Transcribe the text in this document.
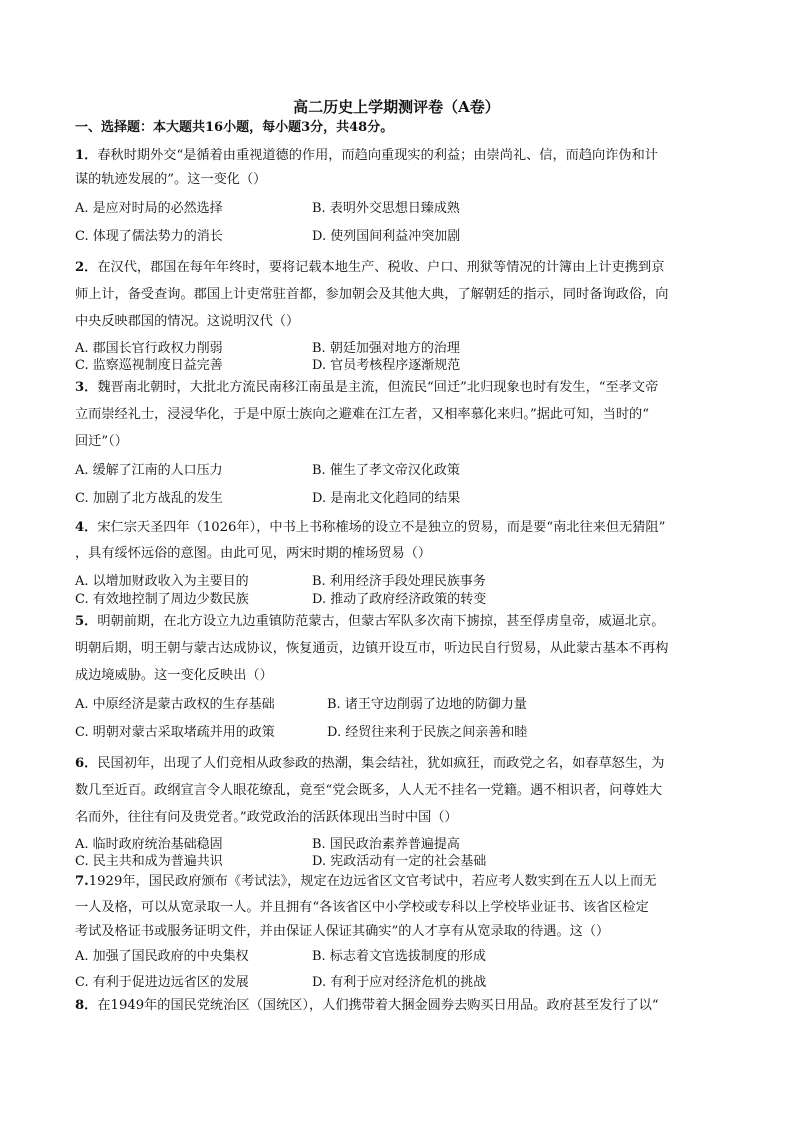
高二历史上学期测评卷（A卷）
一、选择题：本大题共16小题，每小题3分，共48分。
1．春秋时期外交“是循着由重视道德的作用，而趋向重现实的利益；由崇尚礼、信，而趋向诈伪和计
谋的轨迹发展的”。这一变化（）
A. 是应对时局的必然选择	B. 表明外交思想日臻成熟
C. 体现了儒法势力的消长	D. 使列国间利益冲突加剧
2．在汉代，郡国在每年年终时，要将记载本地生产、税收、户口、刑狱等情况的计簿由上计吏携到京
师上计，备受查询。郡国上计吏常驻首都，参加朝会及其他大典，了解朝廷的指示，同时备询政俗，向
中央反映郡国的情况。这说明汉代（）
A. 郡国长官行政权力削弱	B. 朝廷加强对地方的治理
C. 监察巡视制度日益完善	D. 官员考核程序逐渐规范
3．魏晋南北朝时，大批北方流民南移江南虽是主流，但流民“回迁”北归现象也时有发生，“至孝文帝
立而崇经礼士，浸浸华化，于是中原士族向之避难在江左者，又相率慕化来归。”据此可知，当时的“
回迁”（）
A. 缓解了江南的人口压力	B. 催生了孝文帝汉化政策
C. 加剧了北方战乱的发生	D. 是南北文化趋同的结果
4．宋仁宗天圣四年（1026年），中书上书称榷场的设立不是独立的贸易，而是要“南北往来但无猜阻”
，具有绥怀远俗的意图。由此可见，两宋时期的榷场贸易（）
A. 以增加财政收入为主要目的	B. 利用经济手段处理民族事务
C. 有效地控制了周边少数民族	D. 推动了政府经济政策的转变
5．明朝前期，在北方设立九边重镇防范蒙古，但蒙古军队多次南下掳掠，甚至俘虏皇帝，威逼北京。
明朝后期，明王朝与蒙古达成协议，恢复通贡，边镇开设互市，听边民自行贸易，从此蒙古基本不再构
成边境威胁。这一变化反映出（）
A. 中原经济是蒙古政权的生存基础	B. 诸王守边削弱了边地的防御力量
C. 明朝对蒙古采取堵疏并用的政策	D. 经贸往来利于民族之间亲善和睦
6．民国初年，出现了人们竞相从政参政的热潮，集会结社，犹如疯狂，而政党之名，如春草怒生，为
数几至近百。政纲宣言令人眼花缭乱，竟至“党会既多，人人无不挂名一党籍。遇不相识者，问尊姓大
名而外，往往有问及贵党者。”政党政治的活跃体现出当时中国（）
A. 临时政府统治基础稳固	B. 国民政治素养普遍提高
C. 民主共和成为普遍共识	D. 宪政活动有一定的社会基础
7.1929年，国民政府颁布《考试法》，规定在边远省区文官考试中，若应考人数实到在五人以上而无
一人及格，可以从宽录取一人。并且拥有“各该省区中小学校或专科以上学校毕业证书、该省区检定
考试及格证书或服务证明文件，并由保证人保证其确实”的人才享有从宽录取的待遇。这（）
A. 加强了国民政府的中央集权	B. 标志着文官选拔制度的形成
C. 有利于促进边远省区的发展	D. 有利于应对经济危机的挑战
8．在1949年的国民党统治区（国统区），人们携带着大捆金圆券去购买日用品。政府甚至发行了以“
